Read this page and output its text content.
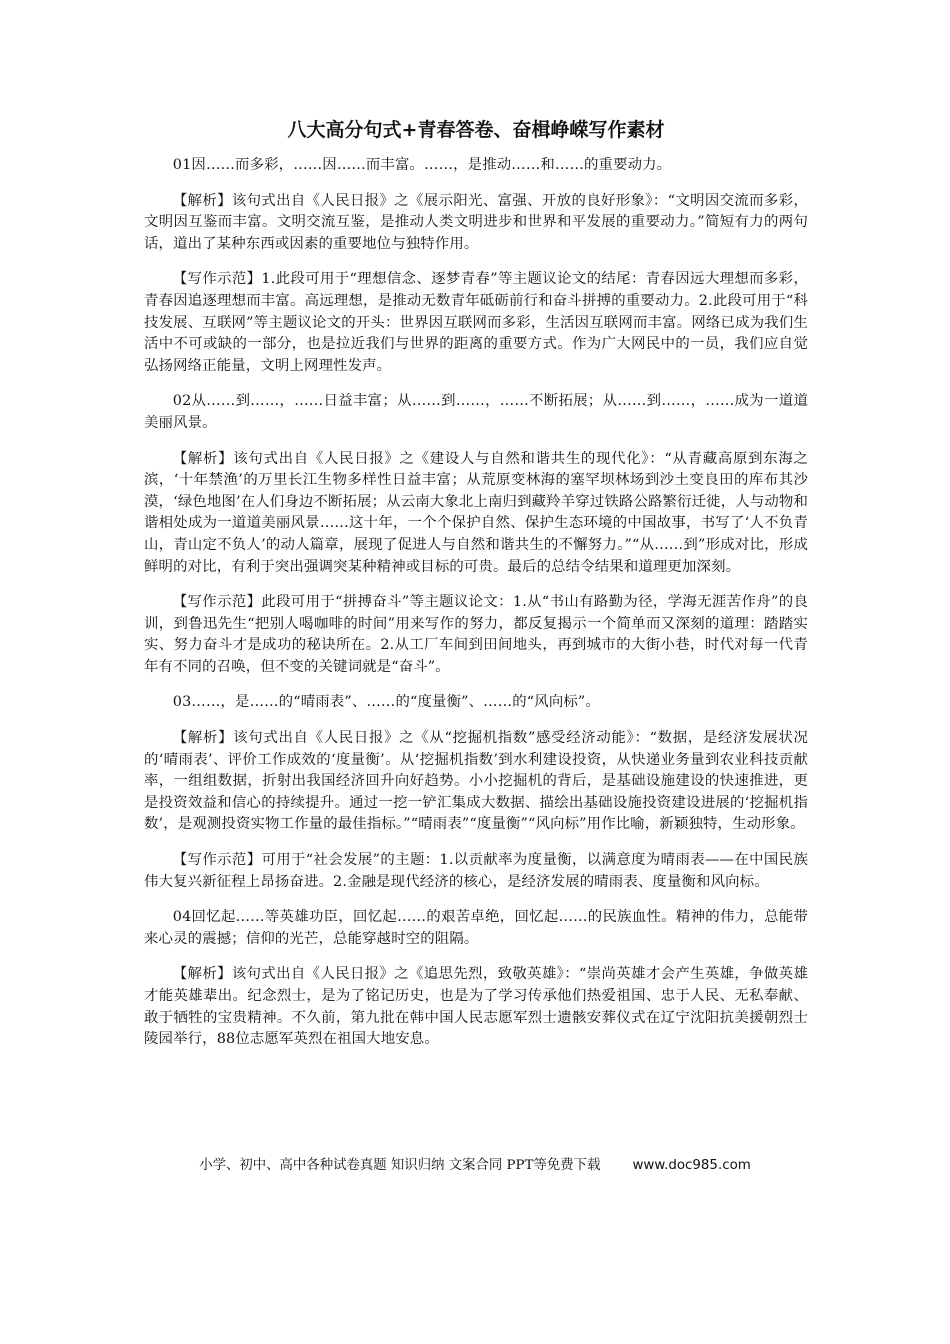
八大高分句式+青春答卷、奋楫峥嵘写作素材

01因……而多彩，……因……而丰富。……，是推动……和……的重要动力。

【解析】该句式出自《人民日报》之《展示阳光、富强、开放的良好形象》：“文明因交流而多彩，文明因互鉴而丰富。文明交流互鉴，是推动人类文明进步和世界和平发展的重要动力。”简短有力的两句话，道出了某种东西或因素的重要地位与独特作用。

【写作示范】1.此段可用于“理想信念、逐梦青春”等主题议论文的结尾：青春因远大理想而多彩，青春因追逐理想而丰富。高远理想，是推动无数青年砥砺前行和奋斗拼搏的重要动力。2.此段可用于“科技发展、互联网”等主题议论文的开头：世界因互联网而多彩，生活因互联网而丰富。网络已成为我们生活中不可或缺的一部分，也是拉近我们与世界的距离的重要方式。作为广大网民中的一员，我们应自觉弘扬网络正能量，文明上网理性发声。

02从……到……，……日益丰富；从……到……，……不断拓展；从……到……，……成为一道道美丽风景。

【解析】该句式出自《人民日报》之《建设人与自然和谐共生的现代化》：“从青藏高原到东海之滨，‘十年禁渔’的万里长江生物多样性日益丰富；从荒原变林海的塞罕坝林场到沙土变良田的库布其沙漠，‘绿色地图’在人们身边不断拓展；从云南大象北上南归到藏羚羊穿过铁路公路繁衍迁徙，人与动物和谐相处成为一道道美丽风景……这十年，一个个保护自然、保护生态环境的中国故事，书写了‘人不负青山，青山定不负人’的动人篇章，展现了促进人与自然和谐共生的不懈努力。”“从……到”形成对比，形成鲜明的对比，有利于突出强调突某种精神或目标的可贵。最后的总结令结果和道理更加深刻。

【写作示范】此段可用于“拼搏奋斗”等主题议论文：1.从“书山有路勤为径，学海无涯苦作舟”的良训，到鲁迅先生“把别人喝咖啡的时间”用来写作的努力，都反复揭示一个简单而又深刻的道理：踏踏实实、努力奋斗才是成功的秘诀所在。2.从工厂车间到田间地头，再到城市的大街小巷，时代对每一代青年有不同的召唤，但不变的关键词就是“奋斗”。

03……，是……的“晴雨表”、……的“度量衡”、……的“风向标”。

【解析】该句式出自《人民日报》之《从“挖掘机指数”感受经济动能》：“数据，是经济发展状况的‘晴雨表’、评价工作成效的‘度量衡’。从‘挖掘机指数’到水利建设投资，从快递业务量到农业科技贡献率，一组组数据，折射出我国经济回升向好趋势。小小挖掘机的背后，是基础设施建设的快速推进，更是投资效益和信心的持续提升。通过一挖一铲汇集成大数据、描绘出基础设施投资建设进展的‘挖掘机指数’，是观测投资实物工作量的最佳指标。”“晴雨表”“度量衡”“风向标”用作比喻，新颖独特，生动形象。

【写作示范】可用于“社会发展”的主题：1.以贡献率为度量衡，以满意度为晴雨表——在中国民族伟大复兴新征程上昂扬奋进。2.金融是现代经济的核心，是经济发展的晴雨表、度量衡和风向标。

04回忆起……等英雄功臣，回忆起……的艰苦卓绝，回忆起……的民族血性。精神的伟力，总能带来心灵的震撼；信仰的光芒，总能穿越时空的阻隔。

【解析】该句式出自《人民日报》之《追思先烈，致敬英雄》：“崇尚英雄才会产生英雄，争做英雄才能英雄辈出。纪念烈士，是为了铭记历史，也是为了学习传承他们热爱祖国、忠于人民、无私奉献、敢于牺牲的宝贵精神。不久前，第九批在韩中国人民志愿军烈士遗骸安葬仪式在辽宁沈阳抗美援朝烈士陵园举行，88位志愿军英烈在祖国大地安息。

小学、初中、高中各种试卷真题 知识归纳 文案合同 PPT等免费下载 www.doc985.com
